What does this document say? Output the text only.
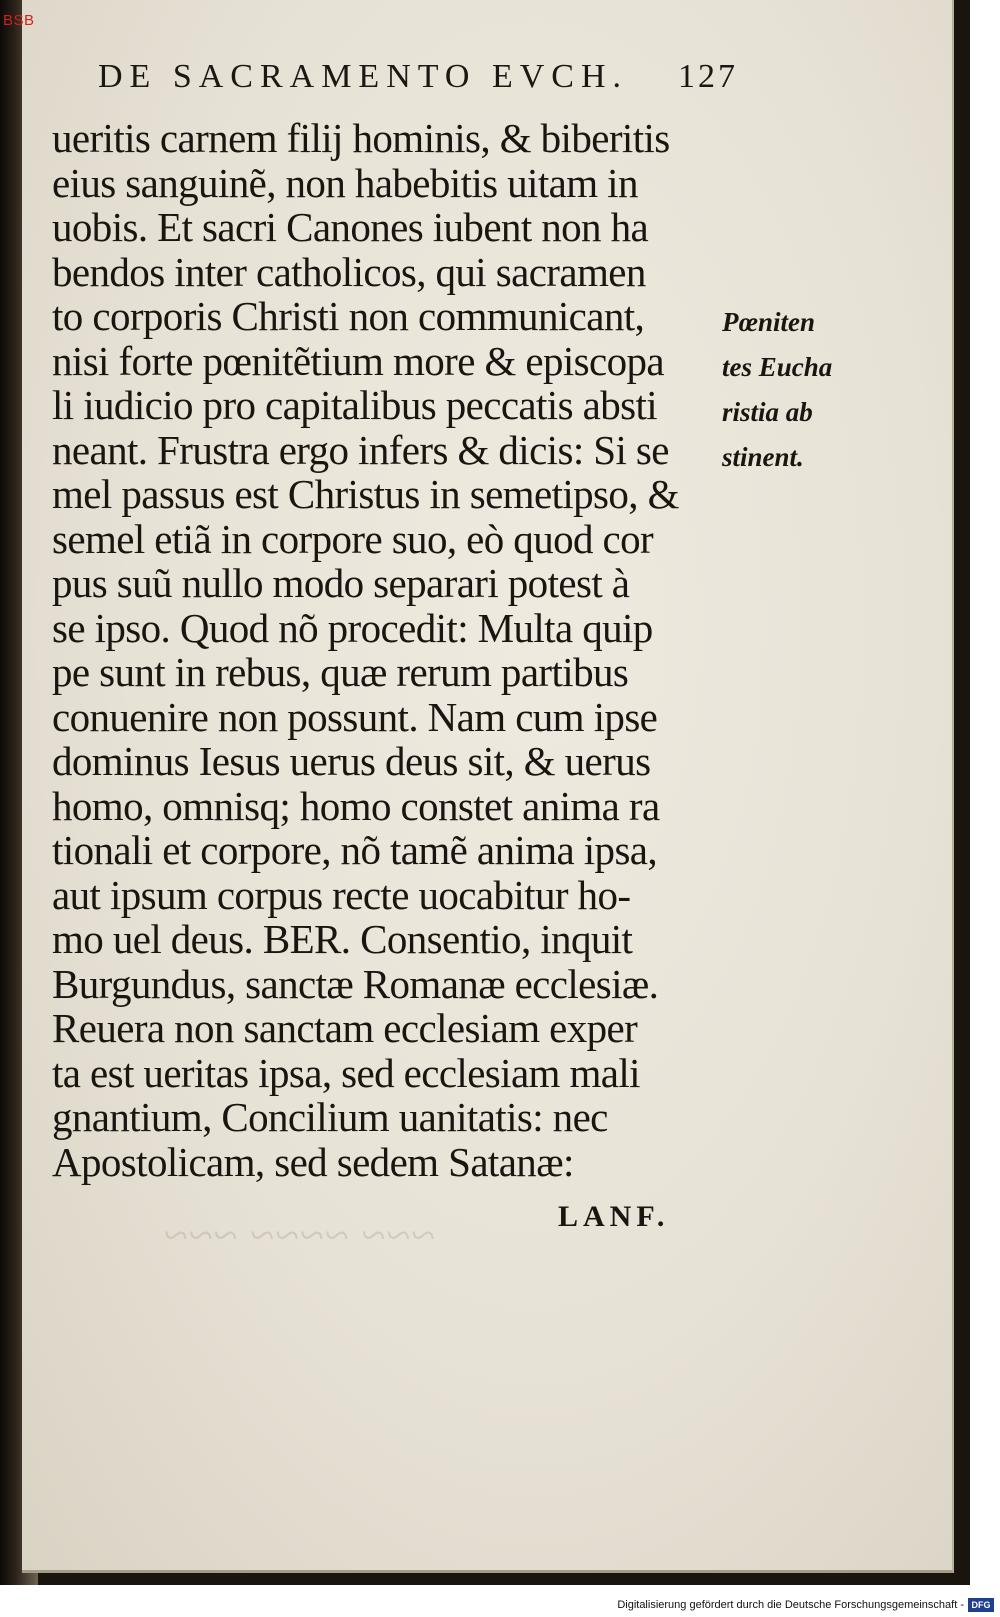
~~~ ~~~~ ~~~
BSB
DE SACRAMENTO EVCH. 127
ueritis carnem filij hominis, & biberitis
eius sanguinẽ, non habebitis uitam in
uobis. Et sacri Canones iubent non ha
bendos inter catholicos, qui sacramen
to corporis Christi non communicant,
nisi forte pœnitẽtium more & episcopa
li iudicio pro capitalibus peccatis absti
neant. Frustra ergo infers & dicis: Si se
mel passus est Christus in semetipso, &
semel etiã in corpore suo, eò quod cor
pus suũ nullo modo separari potest à
se ipso. Quod nõ procedit: Multa quip
pe sunt in rebus, quæ rerum partibus
conuenire non possunt. Nam cum ipse
dominus Iesus uerus deus sit, & uerus
homo, omnisq; homo constet anima ra
tionali et corpore, nõ tamẽ anima ipsa,
aut ipsum corpus recte uocabitur ho-
mo uel deus. BER. Consentio, inquit
Burgundus, sanctæ Romanæ ecclesiæ.
Reuera non sanctam ecclesiam exper
ta est ueritas ipsa, sed ecclesiam mali
gnantium, Concilium uanitatis: nec
Apostolicam, sed sedem Satanæ:
Pœniten
tes Eucha
ristia ab
stinent.
LANF.
Digitalisierung gefördert durch die Deutsche Forschungsgemeinschaft - DFG
